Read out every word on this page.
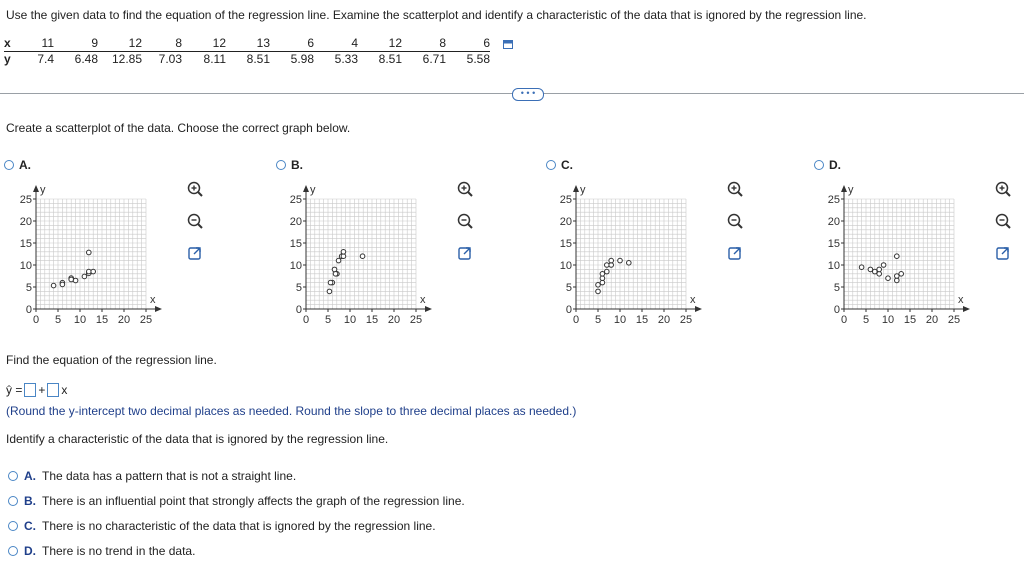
Use the given data to find the equation of the regression line. Examine the scatterplot and identify a characteristic of the data that is ignored by the regression line.
x	11	9	12	8	12	13	6	4	12	8	6
y	7.4	6.48	12.85	7.03	8.11	8.51	5.98	5.33	8.51	6.71	5.58
• • •
Create a scatterplot of the data. Choose the correct graph below.
A.	B.	C.	D.
0 5 10 15 20 25
0
5
10
15
20
25
y
x
0 5 10 15 20 25
0
5
10
15
20
25
y
x
0 5 10 15 20 25
0
5
10
15
20
25
y
x
0 5 10 15 20 25
0
5
10
15
20
25
y
x
Find the equation of the regression line.
ŷ = + x
(Round the y-intercept two decimal places as needed. Round the slope to three decimal places as needed.)
Identify a characteristic of the data that is ignored by the regression line.
A. The data has a pattern that is not a straight line.
B. There is an influential point that strongly affects the graph of the regression line.
C. There is no characteristic of the data that is ignored by the regression line.
D. There is no trend in the data.
